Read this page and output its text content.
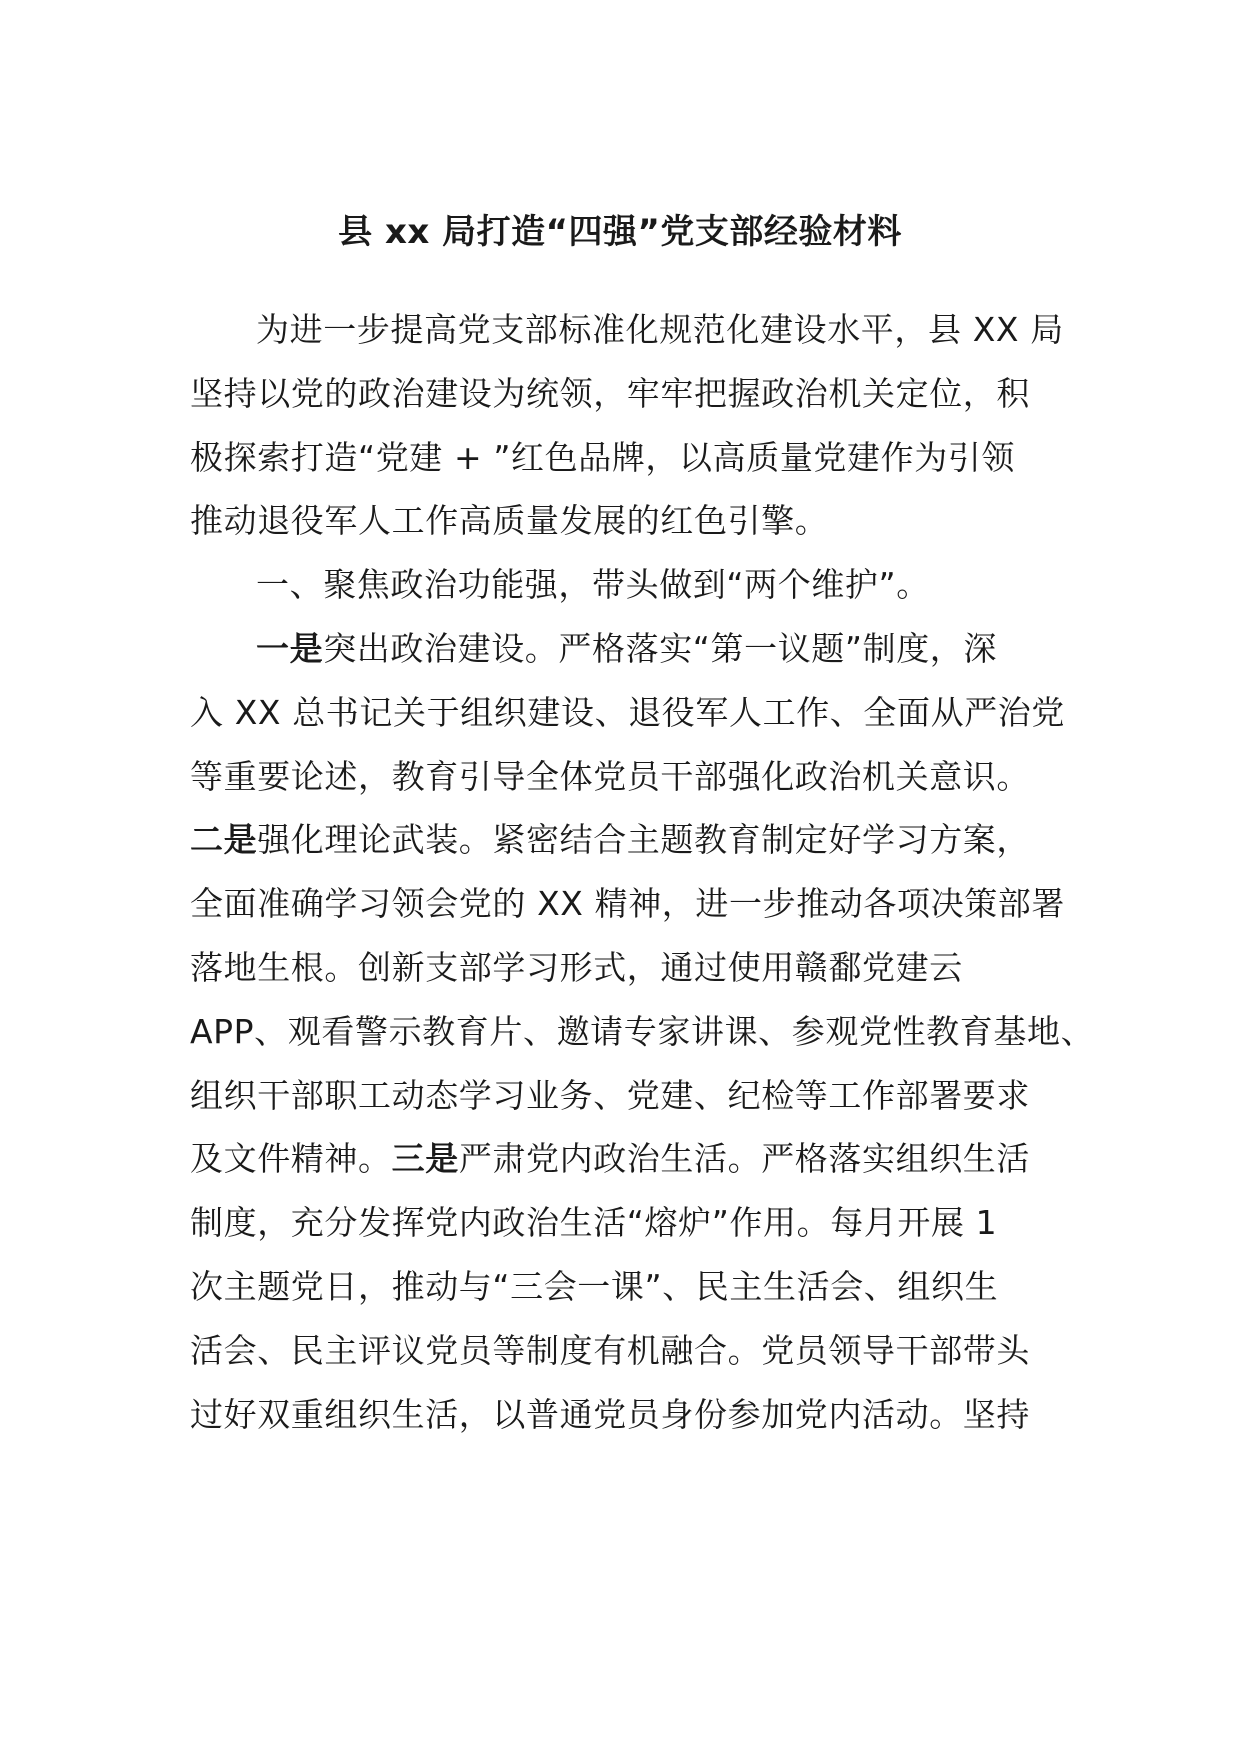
县 xx 局打造“四强”党支部经验材料
为进一步提高党支部标准化规范化建设水平，县 XX 局
坚持以党的政治建设为统领，牢牢把握政治机关定位，积
极探索打造“党建 + ”红色品牌，以高质量党建作为引领
推动退役军人工作高质量发展的红色引擎。
一、聚焦政治功能强，带头做到“两个维护”。
一是突出政治建设。严格落实“第一议题”制度，深
入 XX 总书记关于组织建设、退役军人工作、全面从严治党
等重要论述，教育引导全体党员干部强化政治机关意识。
二是强化理论武装。紧密结合主题教育制定好学习方案，
全面准确学习领会党的 XX 精神，进一步推动各项决策部署
落地生根。创新支部学习形式，通过使用赣鄱党建云
APP、观看警示教育片、邀请专家讲课、参观党性教育基地、
组织干部职工动态学习业务、党建、纪检等工作部署要求
及文件精神。三是严肃党内政治生活。严格落实组织生活
制度，充分发挥党内政治生活“熔炉”作用。每月开展 1
次主题党日，推动与“三会一课”、民主生活会、组织生
活会、民主评议党员等制度有机融合。党员领导干部带头
过好双重组织生活，以普通党员身份参加党内活动。坚持
